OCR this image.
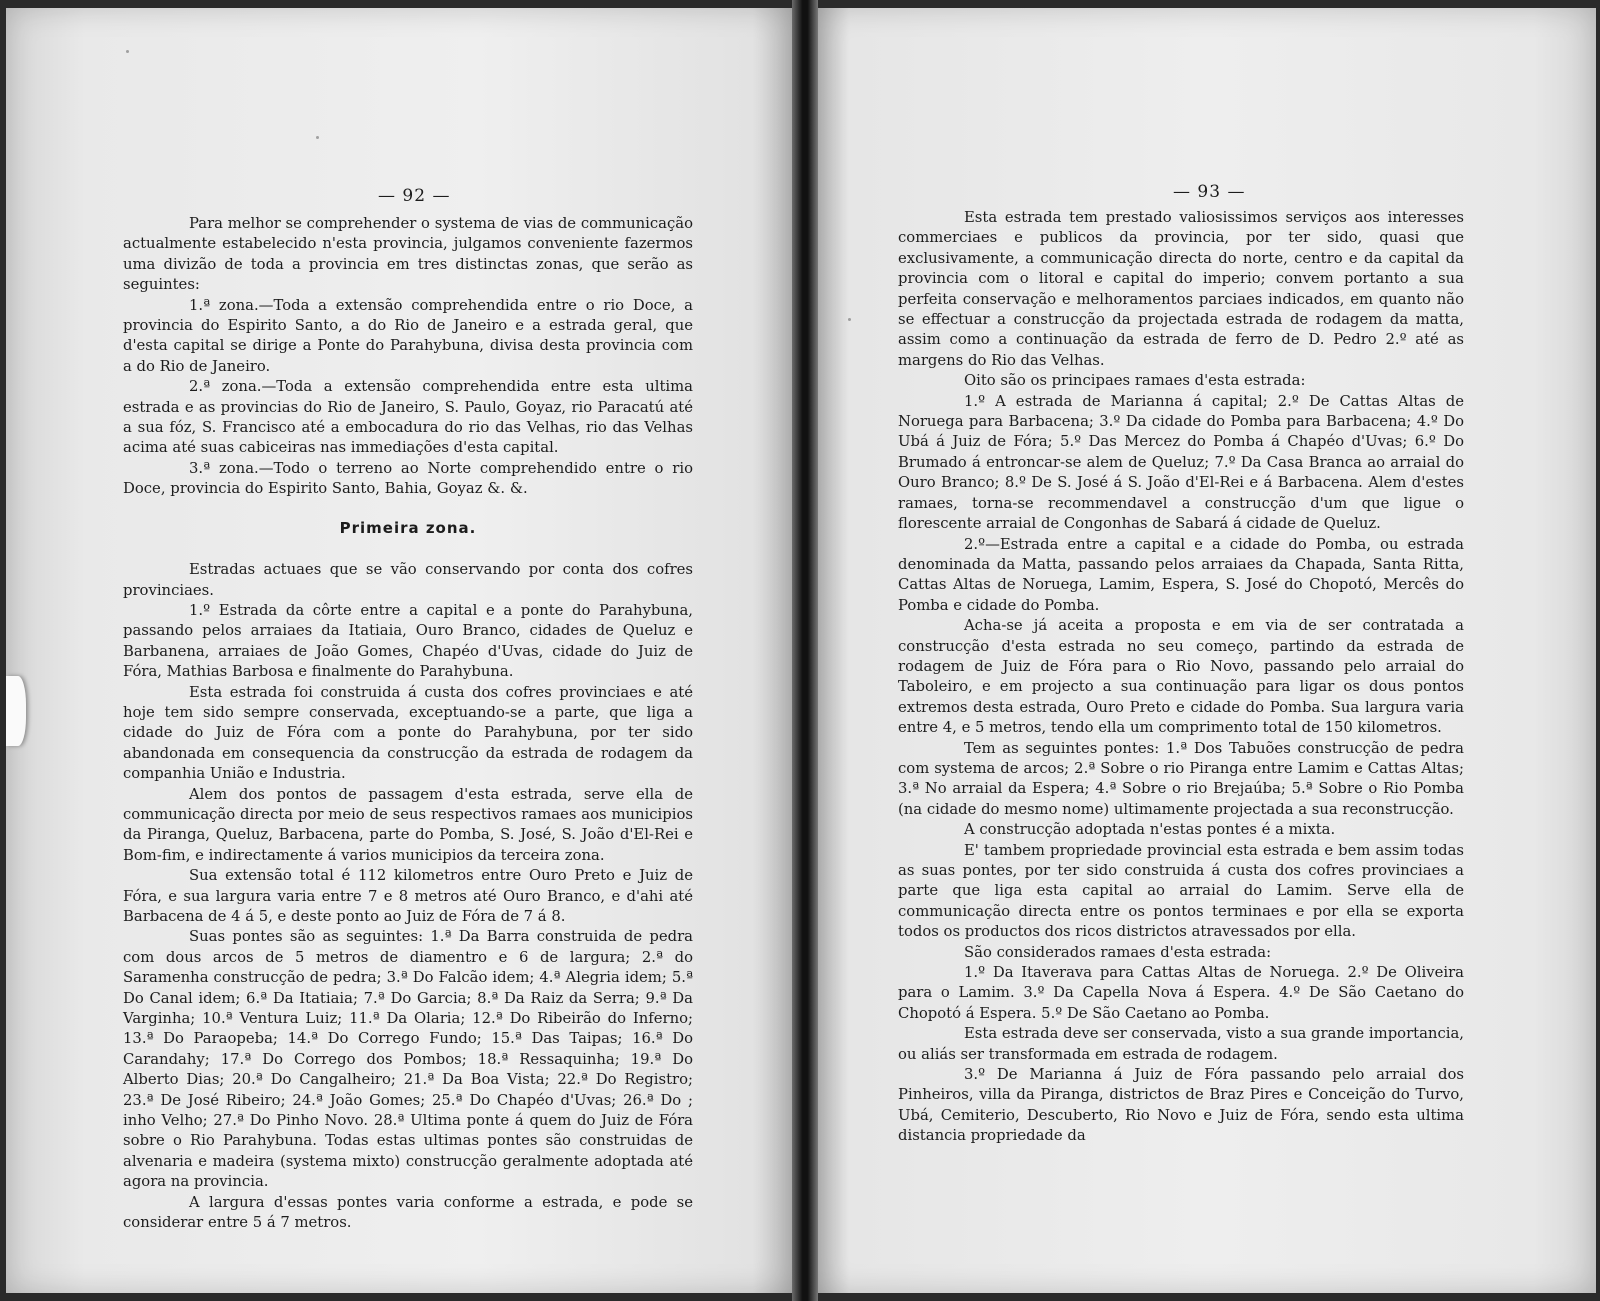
— 92 —

Para melhor se comprehender o systema de vias de communicação actualmente estabelecido n'esta provincia, julgamos conveniente fazermos uma divizão de toda a provincia em tres distinctas zonas, que serão as seguintes:

1.ª zona.—Toda a extensão comprehendida entre o rio Doce, a provincia do Espirito Santo, a do Rio de Janeiro e a estrada geral, que d'esta capital se dirige a Ponte do Parahybuna, divisa desta provincia com a do Rio de Janeiro.

2.ª zona.—Toda a extensão comprehendida entre esta ultima estrada e as provincias do Rio de Janeiro, S. Paulo, Goyaz, rio Paracatú até a sua fóz, S. Francisco até a embocadura do rio das Velhas, rio das Velhas acima até suas cabiceiras nas immediações d'esta capital.

3.ª zona.—Todo o terreno ao Norte comprehendido entre o rio Doce, provincia do Espirito Santo, Bahia, Goyaz &. &.

Primeira zona.

Estradas actuaes que se vão conservando por conta dos cofres provinciaes.

1.º Estrada da côrte entre a capital e a ponte do Parahybuna, passando pelos arraiaes da Itatiaia, Ouro Branco, cidades de Queluz e Barbanena, arraiaes de João Gomes, Chapéo d'Uvas, cidade do Juiz de Fóra, Mathias Barbosa e finalmente do Parahybuna.

Esta estrada foi construida á custa dos cofres provinciaes e até hoje tem sido sempre conservada, exceptuando-se a parte, que liga a cidade do Juiz de Fóra com a ponte do Parahybuna, por ter sido abandonada em consequencia da construcção da estrada de rodagem da companhia União e Industria.

Alem dos pontos de passagem d'esta estrada, serve ella de communicação directa por meio de seus respectivos ramaes aos municipios da Piranga, Queluz, Barbacena, parte do Pomba, S. José, S. João d'El-Rei e Bom-fim, e indirectamente á varios municipios da terceira zona.

Sua extensão total é 112 kilometros entre Ouro Preto e Juiz de Fóra, e sua largura varia entre 7 e 8 metros até Ouro Branco, e d'ahi até Barbacena de 4 á 5, e deste ponto ao Juiz de Fóra de 7 á 8.

Suas pontes são as seguintes: 1.ª Da Barra construida de pedra com dous arcos de 5 metros de diamentro e 6 de largura; 2.ª do Saramenha construcção de pedra; 3.ª Do Falcão idem; 4.ª Alegria idem; 5.ª Do Canal idem; 6.ª Da Itatiaia; 7.ª Do Garcia; 8.ª Da Raiz da Serra; 9.ª Da Varginha; 10.ª Ventura Luiz; 11.ª Da Olaria; 12.ª Do Ribeirão do Inferno; 13.ª Do Paraopeba; 14.ª Do Corrego Fundo; 15.ª Das Taipas; 16.ª Do Carandahy; 17.ª Do Corrego dos Pombos; 18.ª Ressaquinha; 19.ª Do Alberto Dias; 20.ª Do Cangalheiro; 21.ª Da Boa Vista; 22.ª Do Registro; 23.ª De José Ribeiro; 24.ª João Gomes; 25.ª Do Chapéo d'Uvas; 26.ª Do ; inho Velho; 27.ª Do Pinho Novo. 28.ª Ultima ponte á quem do Juiz de Fóra sobre o Rio Parahybuna. Todas estas ultimas pontes são construidas de alvenaria e madeira (systema mixto) construcção geralmente adoptada até agora na provincia.

A largura d'essas pontes varia conforme a estrada, e pode se considerar entre 5 á 7 metros.

— 93 —

Esta estrada tem prestado valiosissimos serviços aos interesses commerciaes e publicos da provincia, por ter sido, quasi que exclusivamente, a communicação directa do norte, centro e da capital da provincia com o litoral e capital do imperio; convem portanto a sua perfeita conservação e melhoramentos parciaes indicados, em quanto não se effectuar a construcção da projectada estrada de rodagem da matta, assim como a continuação da estrada de ferro de D. Pedro 2.º até as margens do Rio das Velhas.

Oito são os principaes ramaes d'esta estrada:

1.º A estrada de Marianna á capital; 2.º De Cattas Altas de Noruega para Barbacena; 3.º Da cidade do Pomba para Barbacena; 4.º Do Ubá á Juiz de Fóra; 5.º Das Mercez do Pomba á Chapéo d'Uvas; 6.º Do Brumado á entroncar-se alem de Queluz; 7.º Da Casa Branca ao arraial do Ouro Branco; 8.º De S. José á S. João d'El-Rei e á Barbacena. Alem d'estes ramaes, torna-se recommendavel a construcção d'um que ligue o florescente arraial de Congonhas de Sabará á cidade de Queluz.

2.º—Estrada entre a capital e a cidade do Pomba, ou estrada denominada da Matta, passando pelos arraiaes da Chapada, Santa Ritta, Cattas Altas de Noruega, Lamim, Espera, S. José do Chopotó, Mercês do Pomba e cidade do Pomba.

Acha-se já aceita a proposta e em via de ser contratada a construcção d'esta estrada no seu começo, partindo da estrada de rodagem de Juiz de Fóra para o Rio Novo, passando pelo arraial do Taboleiro, e em projecto a sua continuação para ligar os dous pontos extremos desta estrada, Ouro Preto e cidade do Pomba. Sua largura varia entre 4, e 5 metros, tendo ella um comprimento total de 150 kilometros.

Tem as seguintes pontes: 1.ª Dos Tabuões construcção de pedra com systema de arcos; 2.ª Sobre o rio Piranga entre Lamim e Cattas Altas; 3.ª No arraial da Espera; 4.ª Sobre o rio Brejaúba; 5.ª Sobre o Rio Pomba (na cidade do mesmo nome) ultimamente projectada a sua reconstrucção.

A construcção adoptada n'estas pontes é a mixta.

E' tambem propriedade provincial esta estrada e bem assim todas as suas pontes, por ter sido construida á custa dos cofres provinciaes a parte que liga esta capital ao arraial do Lamim. Serve ella de communicação directa entre os pontos terminaes e por ella se exporta todos os productos dos ricos districtos atravessados por ella.

São considerados ramaes d'esta estrada:

1.º Da Itaverava para Cattas Altas de Noruega. 2.º De Oliveira para o Lamim. 3.º Da Capella Nova á Espera. 4.º De São Caetano do Chopotó á Espera. 5.º De São Caetano ao Pomba.

Esta estrada deve ser conservada, visto a sua grande importancia, ou aliás ser transformada em estrada de rodagem.

3.º De Marianna á Juiz de Fóra passando pelo arraial dos Pinheiros, villa da Piranga, districtos de Braz Pires e Conceição do Turvo, Ubá, Cemiterio, Descuberto, Rio Novo e Juiz de Fóra, sendo esta ultima distancia propriedade da
